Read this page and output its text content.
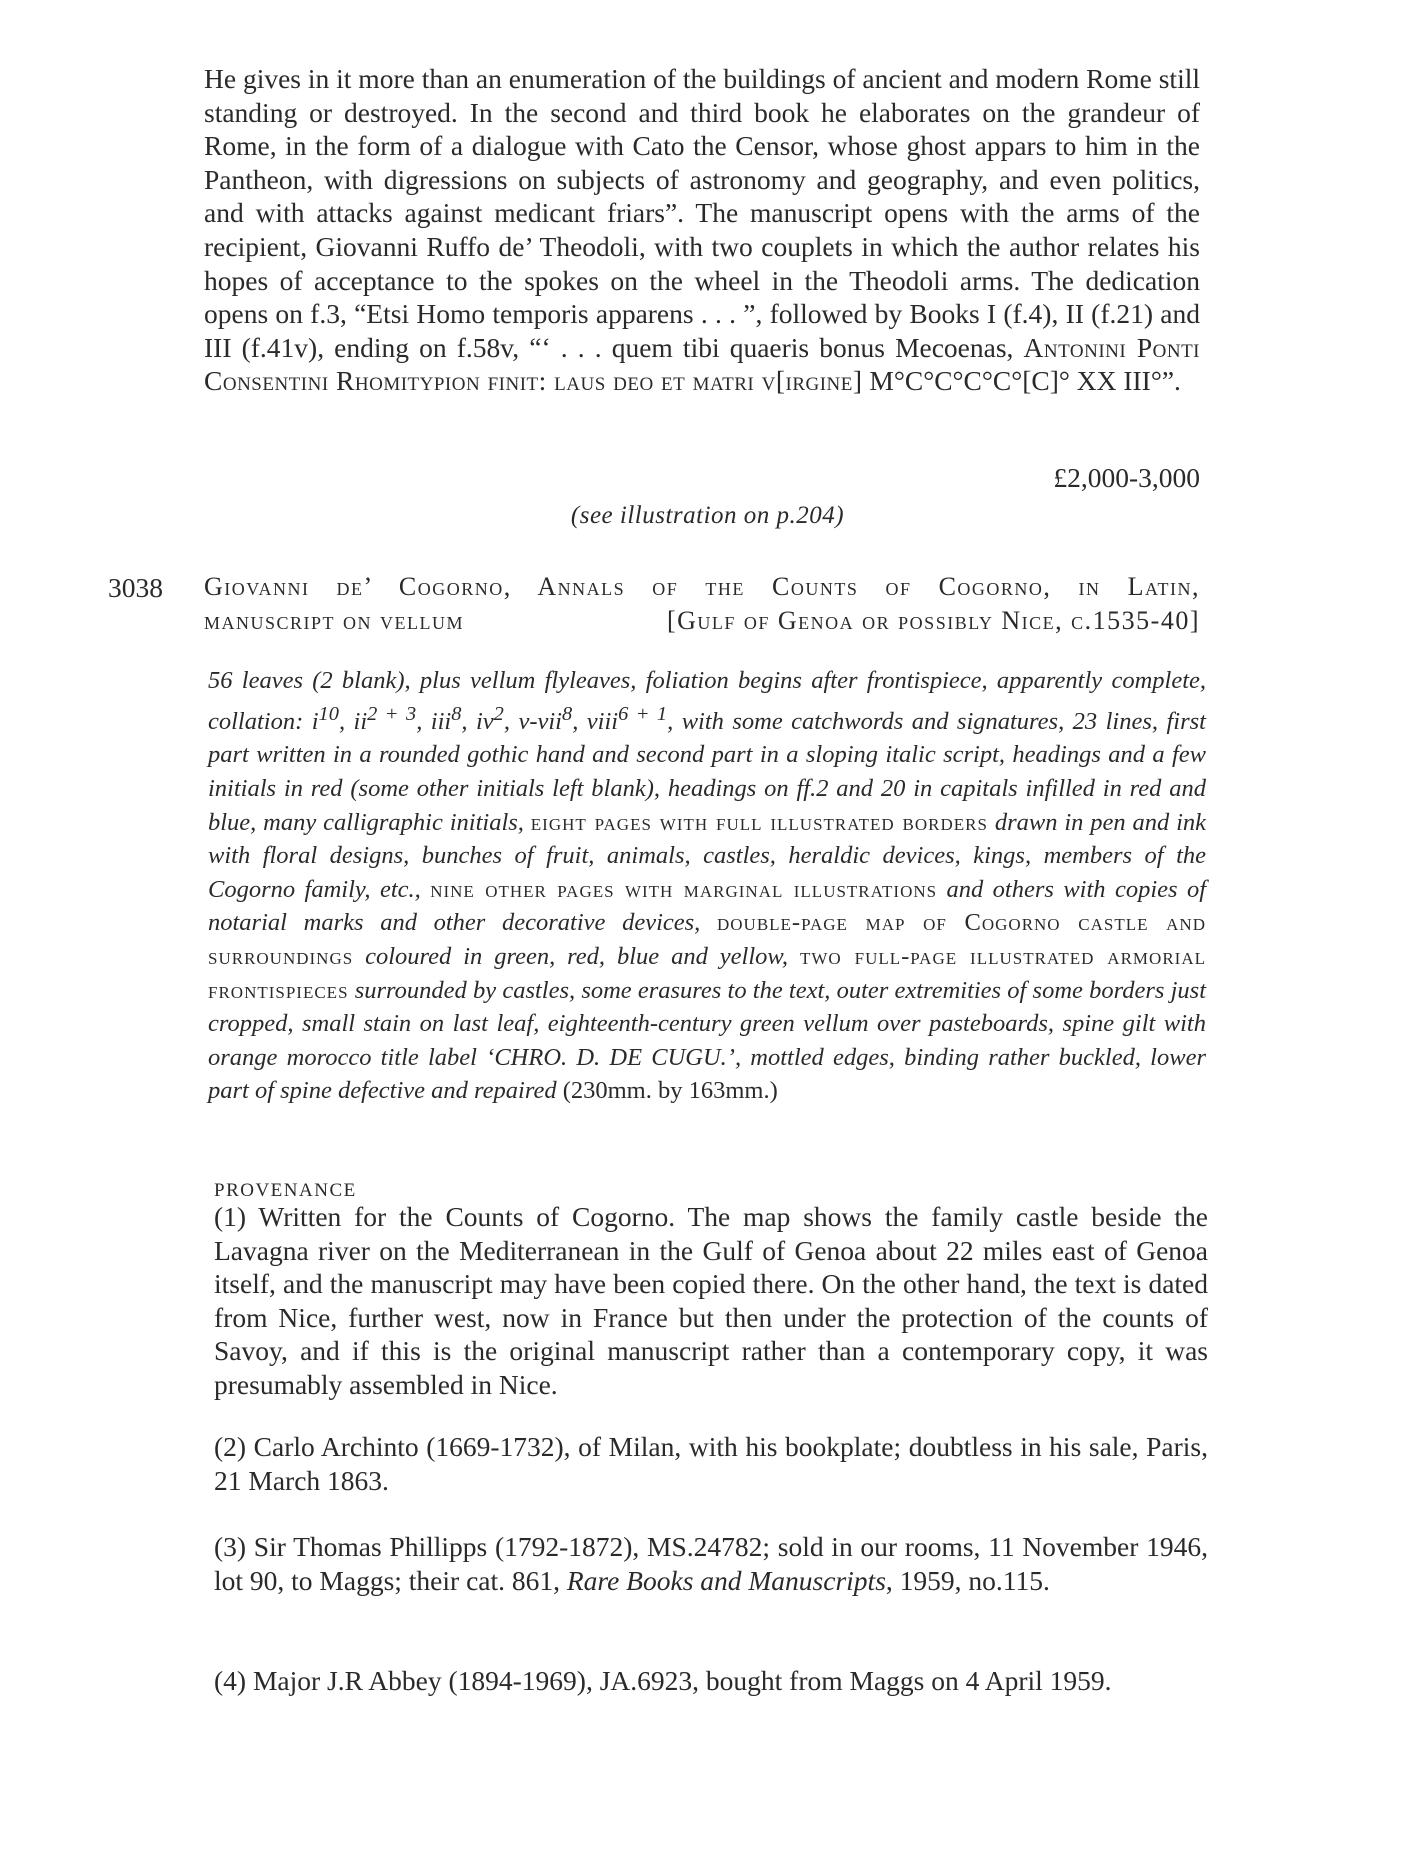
He gives in it more than an enumeration of the buildings of ancient and modern Rome still standing or destroyed. In the second and third book he elaborates on the grandeur of Rome, in the form of a dialogue with Cato the Censor, whose ghost appars to him in the Pantheon, with digressions on subjects of astronomy and geography, and even politics, and with attacks against medicant friars”. The manuscript opens with the arms of the recipient, Giovanni Ruffo de’ Theodoli, with two couplets in which the author relates his hopes of acceptance to the spokes on the wheel in the Theodoli arms. The dedication opens on f.3, “Etsi Homo temporis apparens . . . ”, followed by Books I (f.4), II (f.21) and III (f.41v), ending on f.58v, “‘ . . . quem tibi quaeris bonus Mecoenas, Antonini Ponti Consentini Rhomitypion finit: laus deo et matri v[irgine] M°C°C°C°C°[C]° XX III°”.
£2,000-3,000
(see illustration on p.204)
3038 Giovanni de’ Cogorno, Annals of the Counts of Cogorno, in Latin,
manuscript on vellum	[Gulf of Genoa or possibly Nice, c.1535-40]
56 leaves (2 blank), plus vellum flyleaves, foliation begins after frontispiece, apparently complete, collation: $i^{10}$, $ii^{2 + 3}$, iii$^8$, $iv^2$, v-vii$^8$, viii$^{6 + 1}$, with some catchwords and signatures, 23 lines, first part written in a rounded gothic hand and second part in a sloping italic script, headings and a few initials in red (some other initials left blank), headings on ff.2 and 20 in capitals infilled in red and blue, many calligraphic initials, eight pages with full illustrated borders drawn in pen and ink with floral designs, bunches of fruit, animals, castles, heraldic devices, kings, members of the Cogorno family, etc., nine other pages with marginal illustrations and others with copies of notarial marks and other decorative devices, double-page map of Cogorno castle and surroundings coloured in green, red, blue and yellow, two full-page illustrated armorial frontispieces surrounded by castles, some erasures to the text, outer extremities of some borders just cropped, small stain on last leaf, eighteenth-century green vellum over pasteboards, spine gilt with orange morocco title label ‘CHRO. D. DE CUGU.’, mottled edges, binding rather buckled, lower part of spine defective and repaired (230mm. by 163mm.)
PROVENANCE
(1) Written for the Counts of Cogorno. The map shows the family castle beside the Lavagna river on the Mediterranean in the Gulf of Genoa about 22 miles east of Genoa itself, and the manuscript may have been copied there. On the other hand, the text is dated from Nice, further west, now in France but then under the protection of the counts of Savoy, and if this is the original manuscript rather than a contemporary copy, it was presumably assembled in Nice.
(2) Carlo Archinto (1669-1732), of Milan, with his bookplate; doubtless in his sale, Paris, 21 March 1863.
(3) Sir Thomas Phillipps (1792-1872), MS.24782; sold in our rooms, 11 November 1946, lot 90, to Maggs; their cat. 861, Rare Books and Manuscripts, 1959, no.115.
(4) Major J.R Abbey (1894-1969), JA.6923, bought from Maggs on 4 April 1959.
